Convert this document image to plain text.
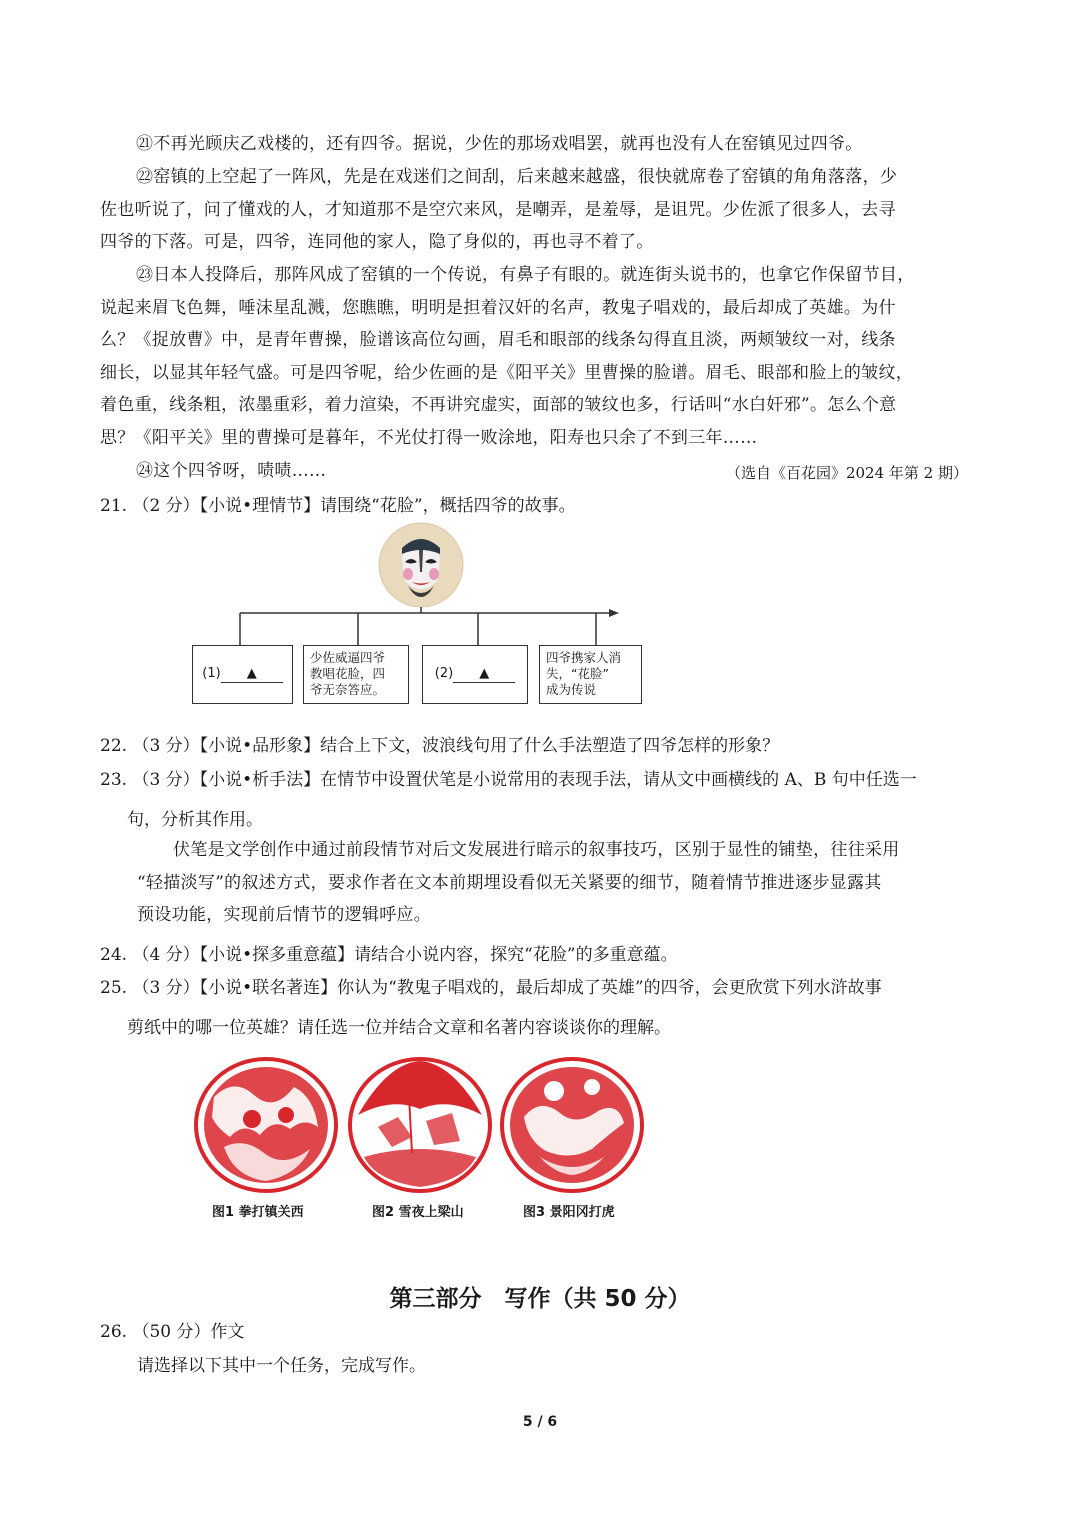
㉑不再光顾庆乙戏楼的，还有四爷。据说，少佐的那场戏唱罢，就再也没有人在窑镇见过四爷。
㉒窑镇的上空起了一阵风，先是在戏迷们之间刮，后来越来越盛，很快就席卷了窑镇的角角落落，少
佐也听说了，问了懂戏的人，才知道那不是空穴来风，是嘲弄，是羞辱，是诅咒。少佐派了很多人，去寻
四爷的下落。可是，四爷，连同他的家人，隐了身似的，再也寻不着了。
㉓日本人投降后，那阵风成了窑镇的一个传说，有鼻子有眼的。就连街头说书的，也拿它作保留节目，
说起来眉飞色舞，唾沫星乱溅，您瞧瞧，明明是担着汉奸的名声，教鬼子唱戏的，最后却成了英雄。为什
么？《捉放曹》中，是青年曹操，脸谱该高位勾画，眉毛和眼部的线条勾得直且淡，两颊皱纹一对，线条
细长，以显其年轻气盛。可是四爷呢，给少佐画的是《阳平关》里曹操的脸谱。眉毛、眼部和脸上的皱纹，
着色重，线条粗，浓墨重彩，着力渲染，不再讲究虚实，面部的皱纹也多，行话叫“水白奸邪”。怎么个意
思？《阳平关》里的曹操可是暮年，不光仗打得一败涂地，阳寿也只余了不到三年……
㉔这个四爷呀，啧啧……	（选自《百花园》2024 年第 2 期）
21. （2 分）【小说•理情节】请围绕“花脸”，概括四爷的故事。
(1) ▲
少佐威逼四爷
教唱花脸，四
爷无奈答应。
(2) ▲
四爷携家人消
失，“花脸”
成为传说
22. （3 分）【小说•品形象】结合上下文，波浪线句用了什么手法塑造了四爷怎样的形象？
23. （3 分）【小说•析手法】在情节中设置伏笔是小说常用的表现手法，请从文中画横线的 A、B 句中任选一
句，分析其作用。
伏笔是文学创作中通过前段情节对后文发展进行暗示的叙事技巧，区别于显性的铺垫，往往采用
“轻描淡写”的叙述方式，要求作者在文本前期埋设看似无关紧要的细节，随着情节推进逐步显露其
预设功能，实现前后情节的逻辑呼应。
24. （4 分）【小说•探多重意蕴】请结合小说内容，探究“花脸”的多重意蕴。
25. （3 分）【小说•联名著连】你认为“教鬼子唱戏的，最后却成了英雄”的四爷，会更欣赏下列水浒故事
剪纸中的哪一位英雄？请任选一位并结合文章和名著内容谈谈你的理解。
图1 拳打镇关西	图2 雪夜上梁山	图3 景阳冈打虎
第三部分　写作（共 50 分）
26. （50 分）作文
请选择以下其中一个任务，完成写作。
5 / 6
